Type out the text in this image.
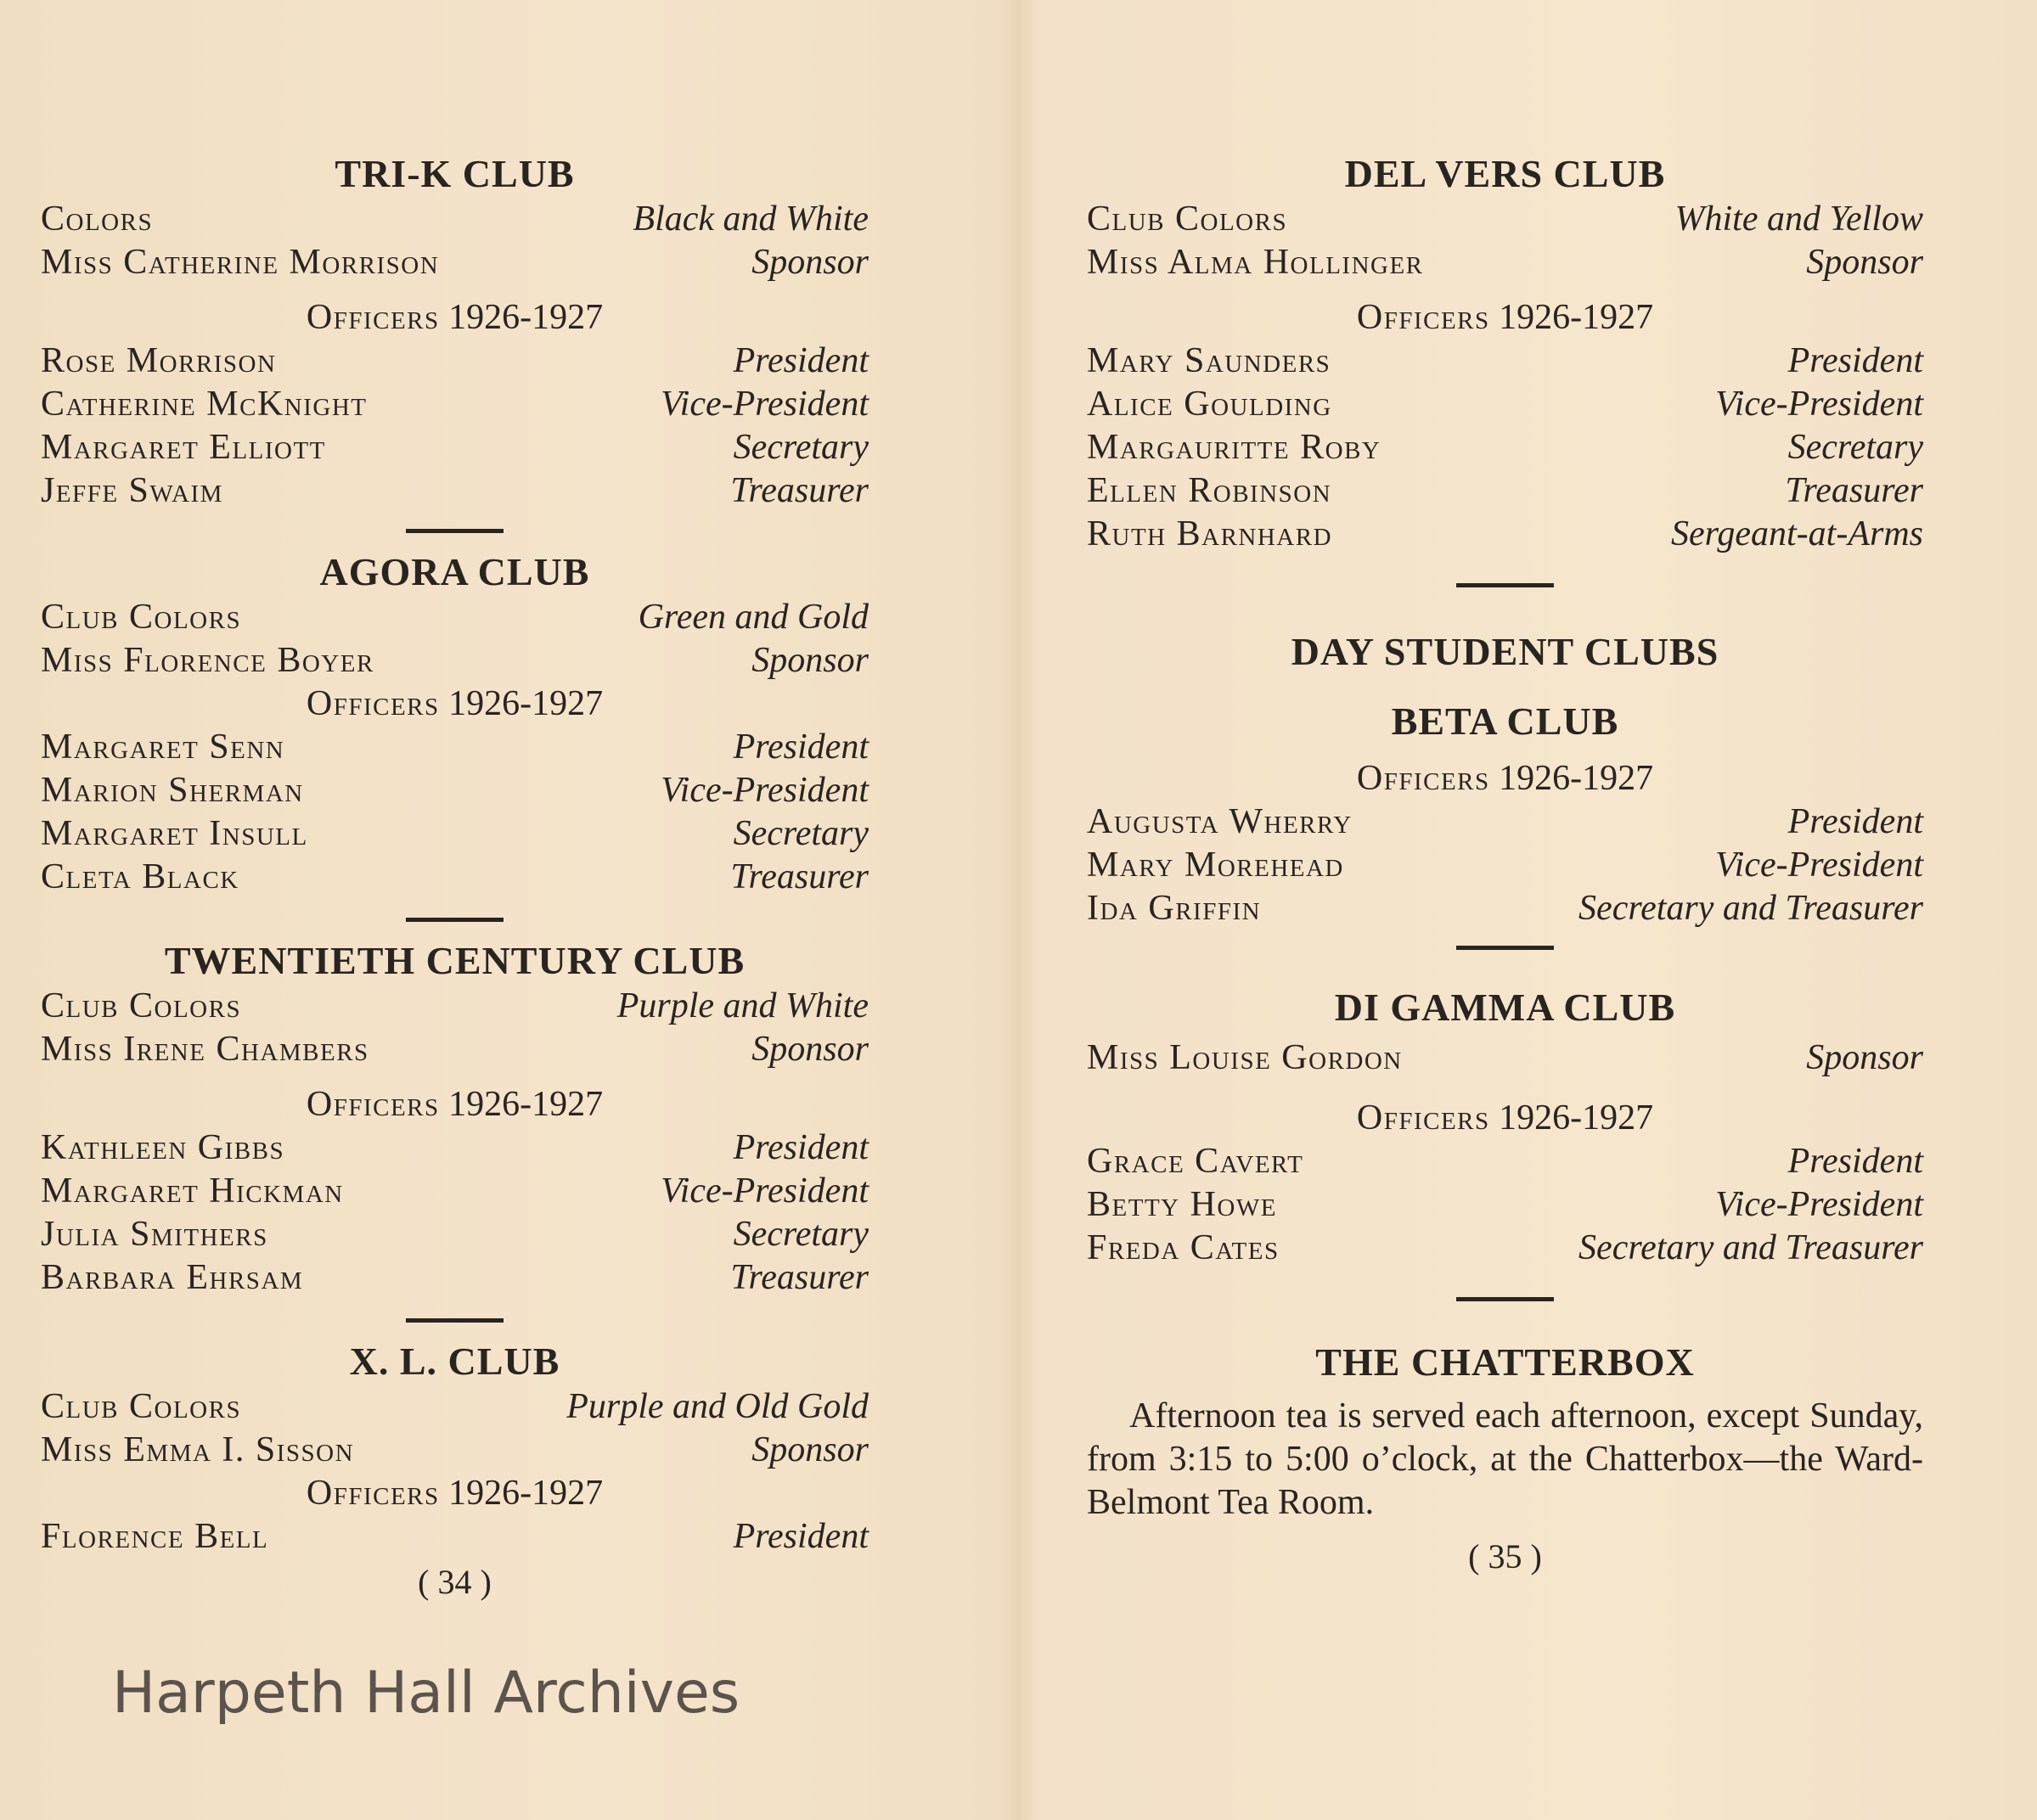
TRI-K CLUB
Colors	Black and White
Miss Catherine Morrison	Sponsor
Officers 1926-1927
Rose Morrison	President
Catherine McKnight	Vice-President
Margaret Elliott	Secretary
Jeffe Swaim	Treasurer
AGORA CLUB
Club Colors	Green and Gold
Miss Florence Boyer	Sponsor
Officers 1926-1927
Margaret Senn	President
Marion Sherman	Vice-President
Margaret Insull	Secretary
Cleta Black	Treasurer
TWENTIETH CENTURY CLUB
Club Colors	Purple and White
Miss Irene Chambers	Sponsor
Officers 1926-1927
Kathleen Gibbs	President
Margaret Hickman	Vice-President
Julia Smithers	Secretary
Barbara Ehrsam	Treasurer
X. L. CLUB
Club Colors	Purple and Old Gold
Miss Emma I. Sisson	Sponsor
Officers 1926-1927
Florence Bell	President
( 34 )
Harpeth Hall Archives
DEL VERS CLUB
Club Colors	White and Yellow
Miss Alma Hollinger	Sponsor
Officers 1926-1927
Mary Saunders	President
Alice Goulding	Vice-President
Margauritte Roby	Secretary
Ellen Robinson	Treasurer
Ruth Barnhard	Sergeant-at-Arms
DAY STUDENT CLUBS
BETA CLUB
Officers 1926-1927
Augusta Wherry	President
Mary Morehead	Vice-President
Ida Griffin	Secretary and Treasurer
DI GAMMA CLUB
Miss Louise Gordon	Sponsor
Officers 1926-1927
Grace Cavert	President
Betty Howe	Vice-President
Freda Cates	Secretary and Treasurer
THE CHATTERBOX
Afternoon tea is served each afternoon, except Sunday, from 3:15 to 5:00 o’clock, at the Chatterbox—the Ward-Belmont Tea Room.
( 35 )
